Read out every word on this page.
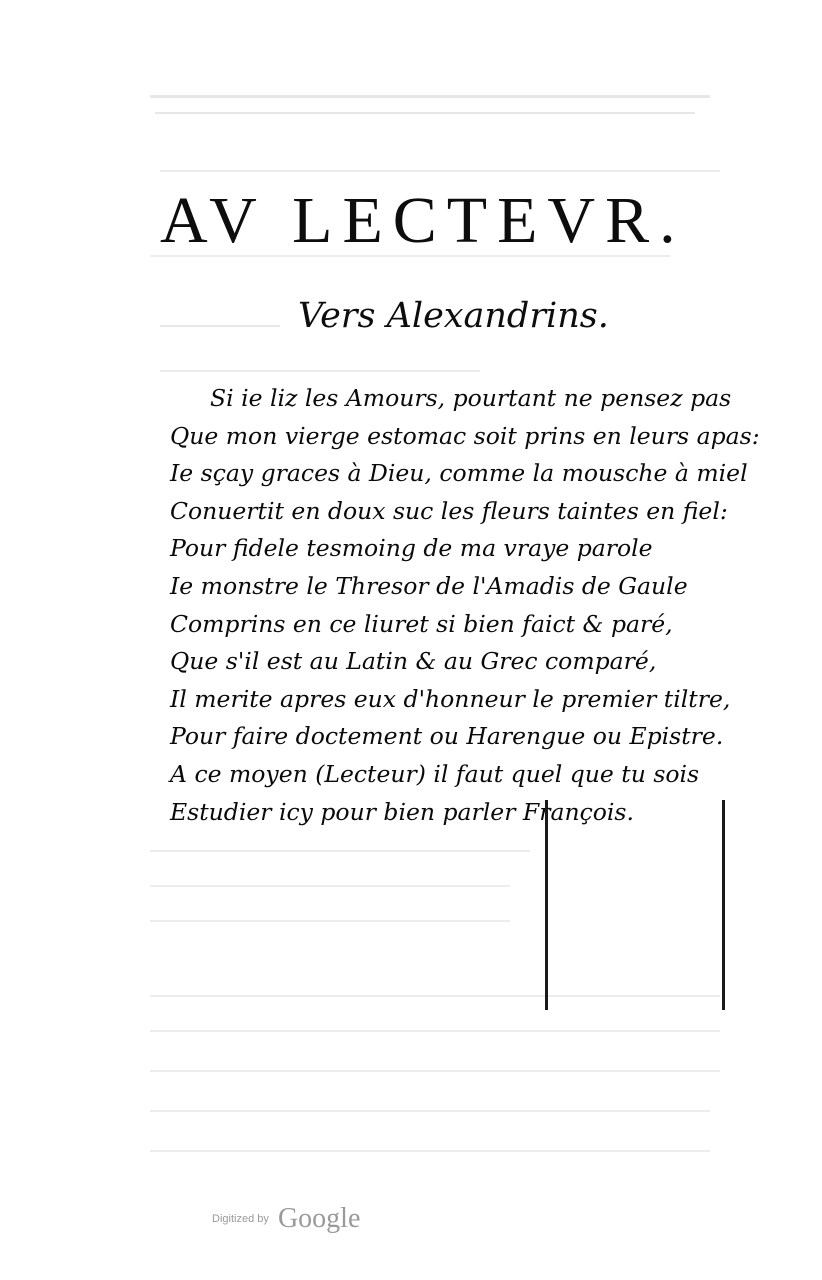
AV LECTEVR.
Vers Alexandrins.
Si ie liz les Amours, pourtant ne pensez pas
Que mon vierge estomac soit prins en leurs apas:
Ie sçay graces à Dieu, comme la mousche à miel
Conuertit en doux suc les fleurs taintes en fiel:
Pour fidele tesmoing de ma vraye parole
Ie monstre le Thresor de l'Amadis de Gaule
Comprins en ce liuret si bien faict & paré,
Que s'il est au Latin & au Grec comparé,
Il merite apres eux d'honneur le premier tiltre,
Pour faire doctement ou Harengue ou Epistre.
A ce moyen (Lecteur) il faut quel que tu sois
Estudier icy pour bien parler François.
Digitized by Google
